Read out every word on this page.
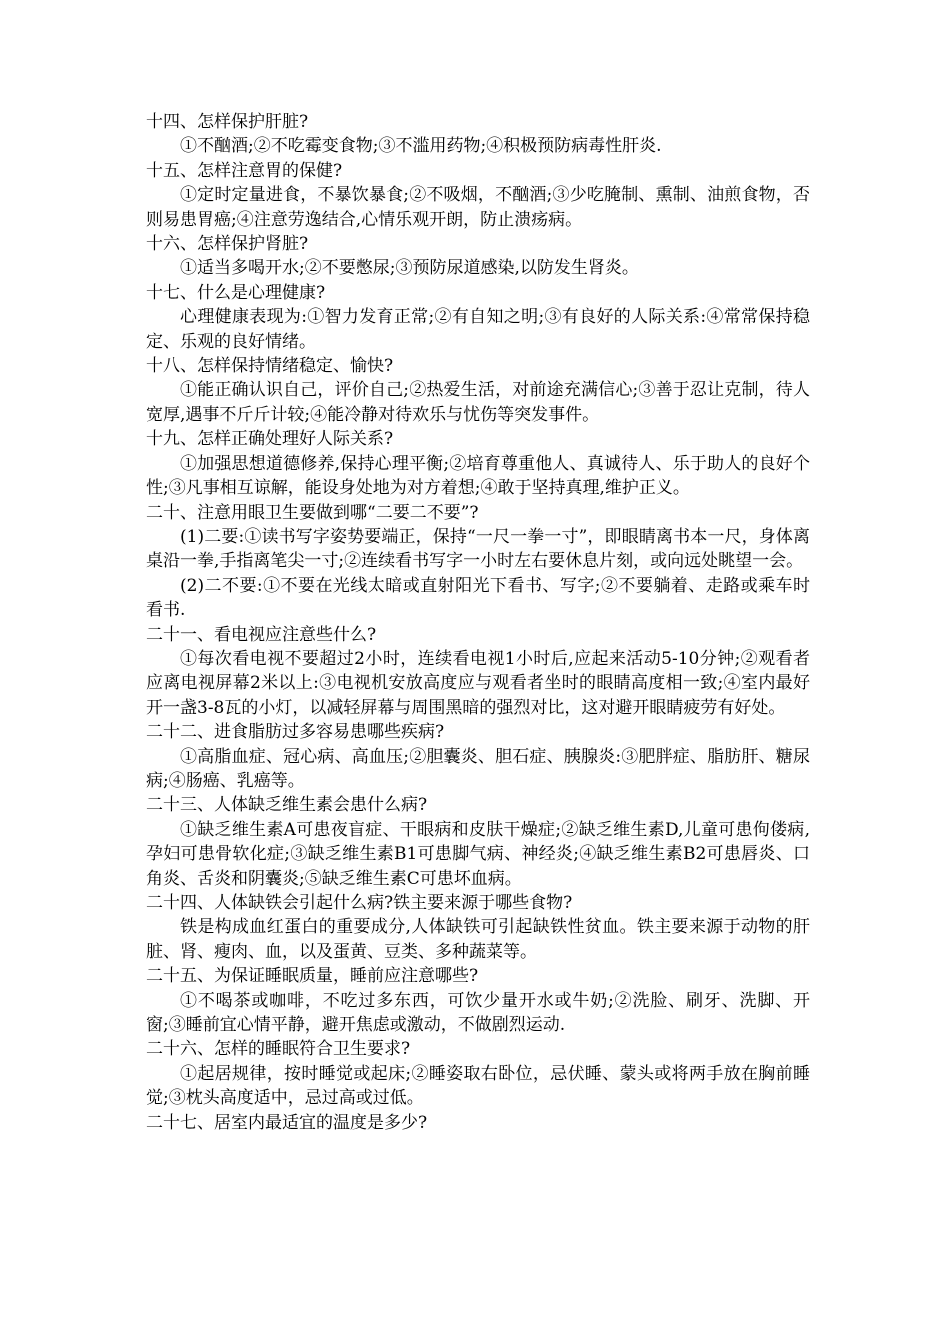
十四、怎样保护肝脏?

①不酗酒;②不吃霉变食物;③不滥用药物;④积极预防病毒性肝炎.

十五、怎样注意胃的保健?

①定时定量进食，不暴饮暴食;②不吸烟，不酗酒;③少吃腌制、熏制、油煎食物，否则易患胃癌;④注意劳逸结合,心情乐观开朗，防止溃疡病。

十六、怎样保护肾脏?

①适当多喝开水;②不要憋尿;③预防尿道感染,以防发生肾炎。

十七、什么是心理健康?

心理健康表现为:①智力发育正常;②有自知之明;③有良好的人际关系:④常常保持稳定、乐观的良好情绪。

十八、怎样保持情绪稳定、愉快?

①能正确认识自己，评价自己;②热爱生活，对前途充满信心;③善于忍让克制，待人宽厚,遇事不斤斤计较;④能冷静对待欢乐与忧伤等突发事件。

十九、怎样正确处理好人际关系?

①加强思想道德修养,保持心理平衡;②培育尊重他人、真诚待人、乐于助人的良好个性;③凡事相互谅解，能设身处地为对方着想;④敢于坚持真理,维护正义。

二十、注意用眼卫生要做到哪“二要二不要”?

(1)二要:①读书写字姿势要端正，保持“一尺一拳一寸”，即眼睛离书本一尺，身体离桌沿一拳,手指离笔尖一寸;②连续看书写字一小时左右要休息片刻，或向远处眺望一会。

(2)二不要:①不要在光线太暗或直射阳光下看书、写字;②不要躺着、走路或乘车时看书.

二十一、看电视应注意些什么?

①每次看电视不要超过2小时，连续看电视1小时后,应起来活动5-10分钟;②观看者应离电视屏幕2米以上:③电视机安放高度应与观看者坐时的眼睛高度相一致;④室内最好开一盏3-8瓦的小灯，以减轻屏幕与周围黑暗的强烈对比，这对避开眼睛疲劳有好处。

二十二、进食脂肪过多容易患哪些疾病?

①高脂血症、冠心病、高血压;②胆囊炎、胆石症、胰腺炎:③肥胖症、脂肪肝、糖尿病;④肠癌、乳癌等。

二十三、人体缺乏维生素会患什么病?

①缺乏维生素A可患夜盲症、干眼病和皮肤干燥症;②缺乏维生素D,儿童可患佝偻病,孕妇可患骨软化症;③缺乏维生素B1可患脚气病、神经炎;④缺乏维生素B2可患唇炎、口角炎、舌炎和阴囊炎;⑤缺乏维生素C可患坏血病。

二十四、人体缺铁会引起什么病?铁主要来源于哪些食物?

铁是构成血红蛋白的重要成分,人体缺铁可引起缺铁性贫血。铁主要来源于动物的肝脏、肾、瘦肉、血，以及蛋黄、豆类、多种蔬菜等。

二十五、为保证睡眠质量，睡前应注意哪些?

①不喝茶或咖啡，不吃过多东西，可饮少量开水或牛奶;②洗脸、刷牙、洗脚、开窗;③睡前宜心情平静，避开焦虑或激动，不做剧烈运动.

二十六、怎样的睡眠符合卫生要求?

①起居规律，按时睡觉或起床;②睡姿取右卧位，忌伏睡、蒙头或将两手放在胸前睡觉;③枕头高度适中，忌过高或过低。

二十七、居室内最适宜的温度是多少?
